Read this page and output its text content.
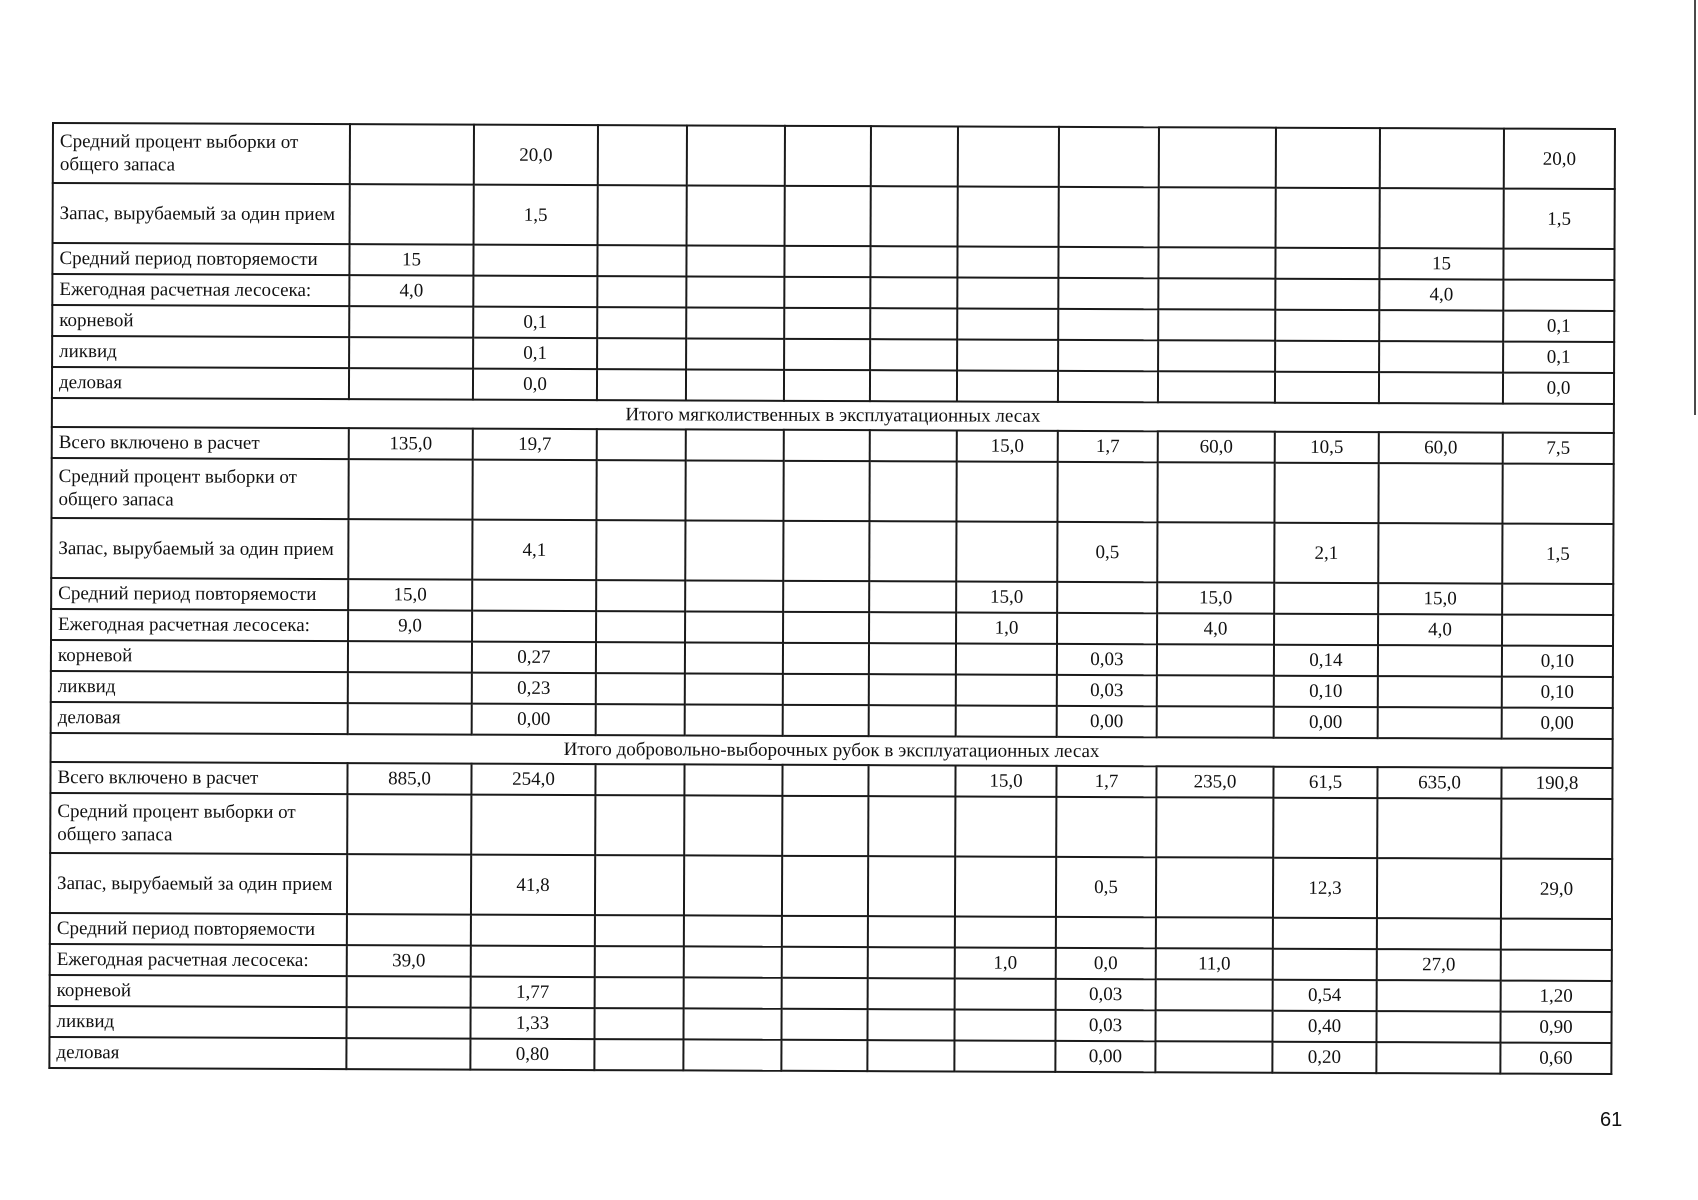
Средний процент выборки от общего запаса		20,0										20,0
Запас, вырубаемый за один прием		1,5										1,5
Средний период повторяемости	15										15	
Ежегодная расчетная лесосека:	4,0										4,0	
корневой		0,1										0,1
ликвид		0,1										0,1
деловая		0,0										0,0
Итого мягколиственных в эксплуатационных лесах												
Всего включено в расчет	135,0	19,7					15,0	1,7	60,0	10,5	60,0	7,5
Средний процент выборки от общего запаса												
Запас, вырубаемый за один прием		4,1						0,5		2,1		1,5
Средний период повторяемости	15,0						15,0		15,0		15,0	
Ежегодная расчетная лесосека:	9,0						1,0		4,0		4,0	
корневой		0,27						0,03		0,14		0,10
ликвид		0,23						0,03		0,10		0,10
деловая		0,00						0,00		0,00		0,00
Итого добровольно-выборочных рубок в эксплуатационных лесах												
Всего включено в расчет	885,0	254,0					15,0	1,7	235,0	61,5	635,0	190,8
Средний процент выборки от общего запаса												
Запас, вырубаемый за один прием		41,8						0,5		12,3		29,0
Средний период повторяемости												
Ежегодная расчетная лесосека:	39,0						1,0	0,0	11,0		27,0	
корневой		1,77						0,03		0,54		1,20
ликвид		1,33						0,03		0,40		0,90
деловая		0,80						0,00		0,20		0,60
61
